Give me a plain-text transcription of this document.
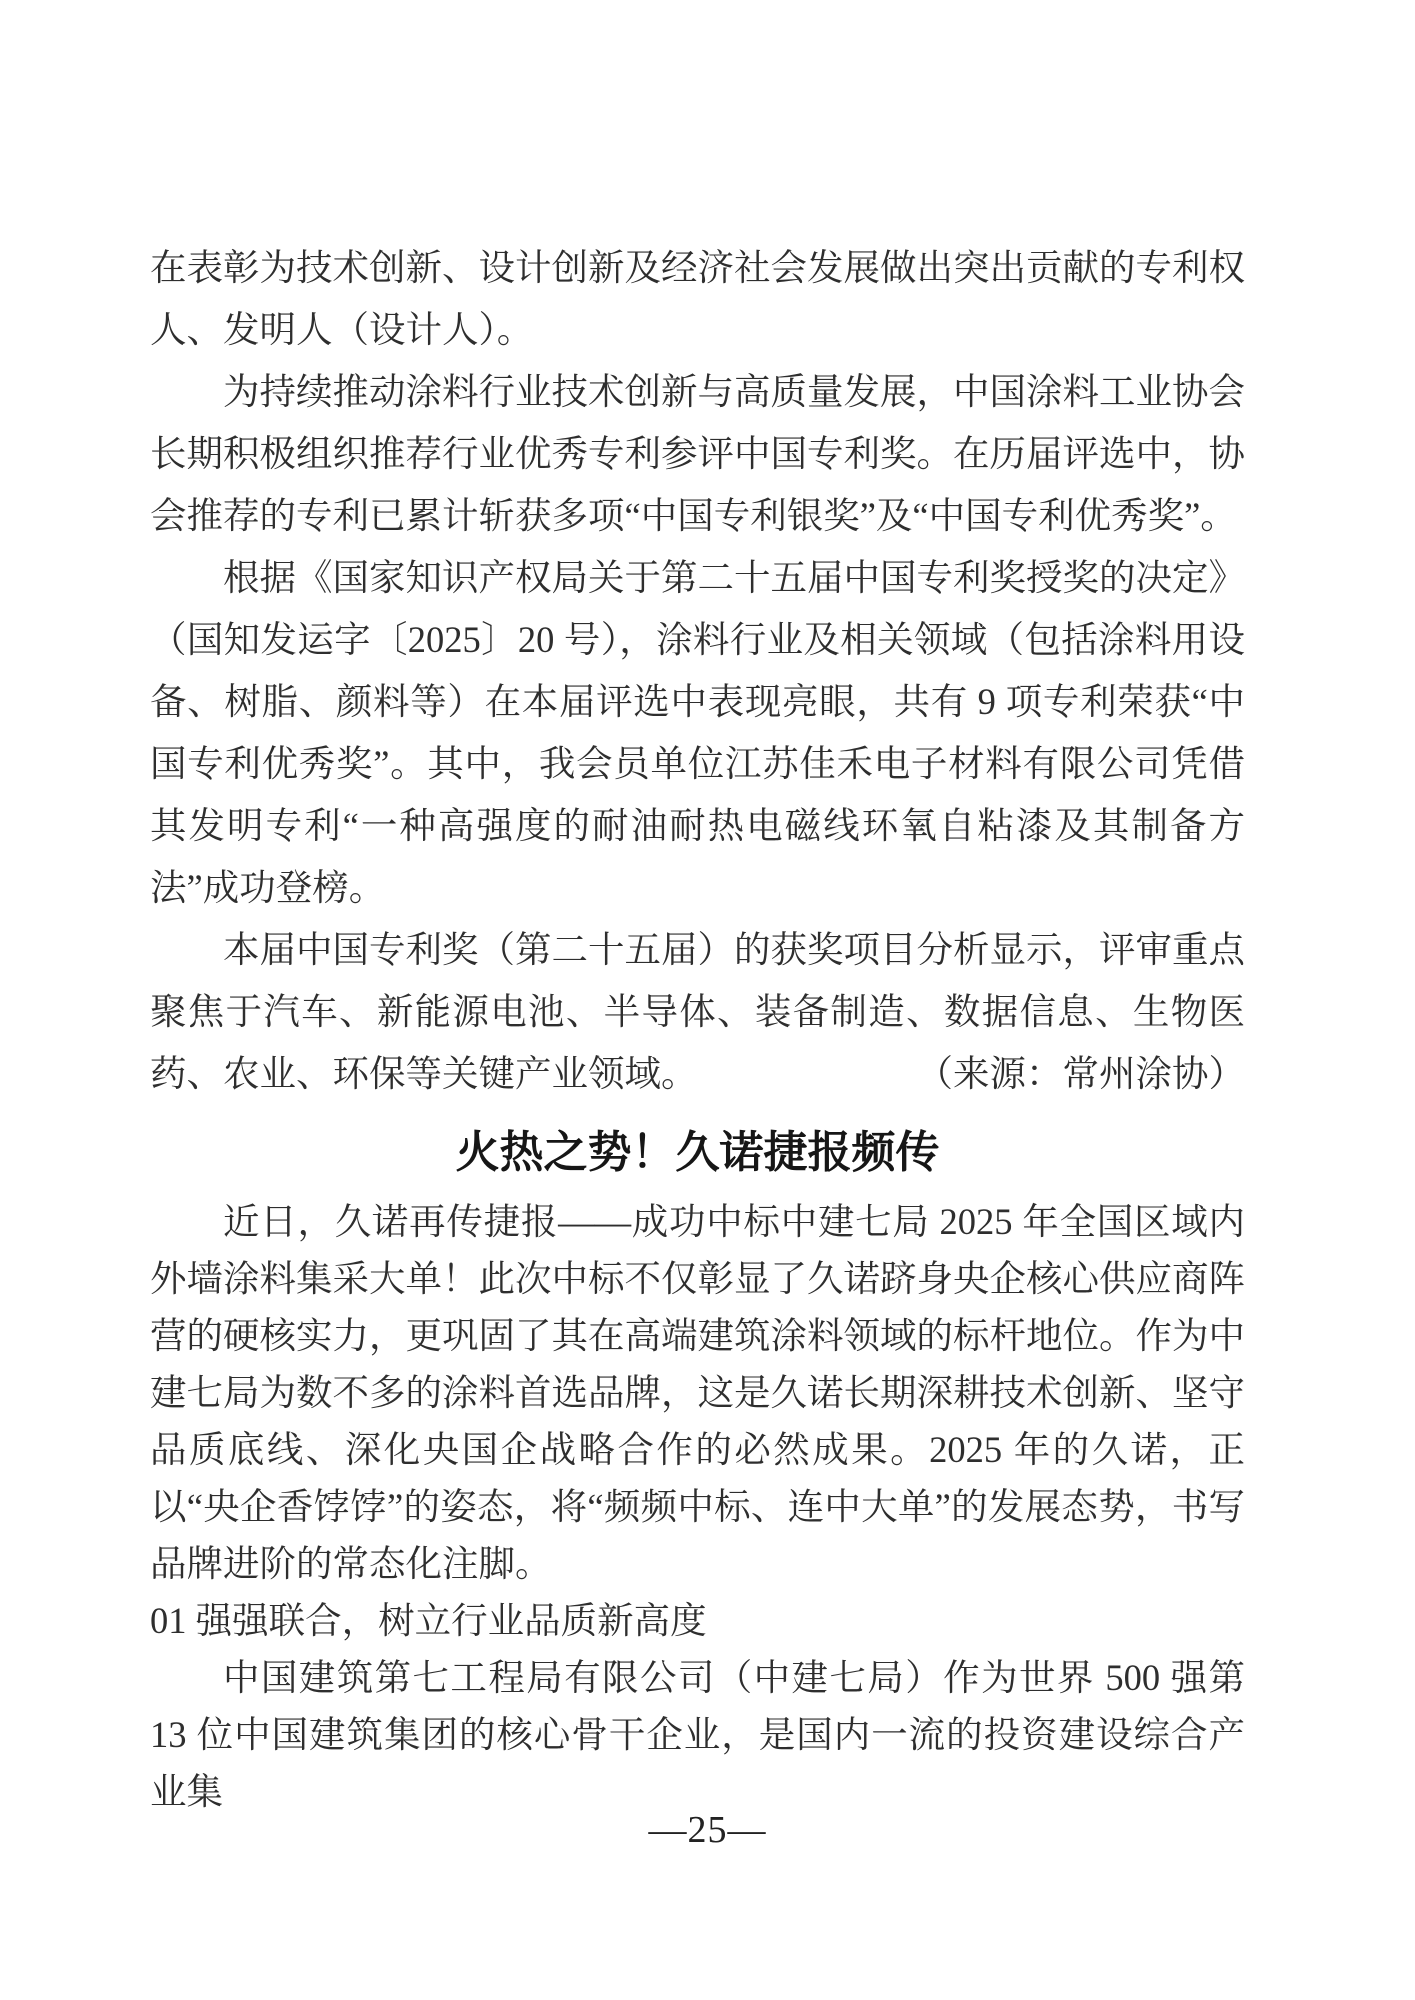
在表彰为技术创新、设计创新及经济社会发展做出突出贡献的专利权人、发明人（设计人）。

为持续推动涂料行业技术创新与高质量发展，中国涂料工业协会长期积极组织推荐行业优秀专利参评中国专利奖。在历届评选中，协会推荐的专利已累计斩获多项“中国专利银奖”及“中国专利优秀奖”。

根据《国家知识产权局关于第二十五届中国专利奖授奖的决定》（国知发运字〔2025〕20 号），涂料行业及相关领域（包括涂料用设备、树脂、颜料等）在本届评选中表现亮眼，共有 9 项专利荣获“中国专利优秀奖”。其中，我会员单位江苏佳禾电子材料有限公司凭借其发明专利“一种高强度的耐油耐热电磁线环氧自粘漆及其制备方法”成功登榜。

本届中国专利奖（第二十五届）的获奖项目分析显示，评审重点聚焦于汽车、新能源电池、半导体、装备制造、数据信息、生物医药、农业、环保等关键产业领域。	（来源：常州涂协）

火热之势！久诺捷报频传

近日，久诺再传捷报——成功中标中建七局 2025 年全国区域内外墙涂料集采大单！此次中标不仅彰显了久诺跻身央企核心供应商阵营的硬核实力，更巩固了其在高端建筑涂料领域的标杆地位。作为中建七局为数不多的涂料首选品牌，这是久诺长期深耕技术创新、坚守品质底线、深化央国企战略合作的必然成果。2025 年的久诺，正以“央企香饽饽”的姿态，将“频频中标、连中大单”的发展态势，书写品牌进阶的常态化注脚。

01 强强联合，树立行业品质新高度

中国建筑第七工程局有限公司（中建七局）作为世界 500 强第 13 位中国建筑集团的核心骨干企业，是国内一流的投资建设综合产业集

—25—
